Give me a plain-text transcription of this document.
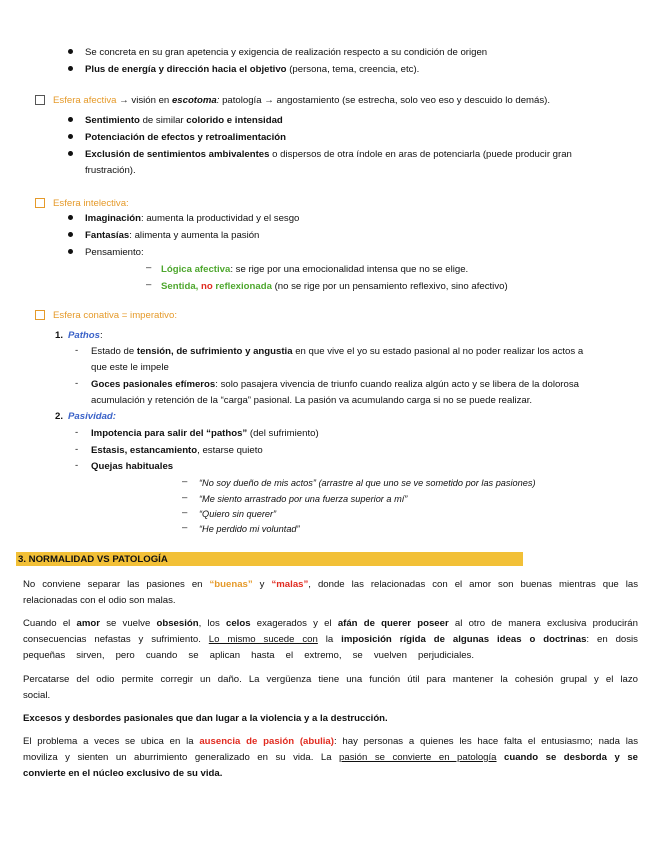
Se concreta en su gran apetencia y exigencia de realización respecto a su condición de origen
Plus de energía y dirección hacia el objetivo (persona, tema, creencia, etc).
Esfera afectiva → visión en escotoma: patología → angostamiento (se estrecha, solo veo eso y descuido lo demás).
Sentimiento de similar colorido e intensidad
Potenciación de efectos y retroalimentación
Exclusión de sentimientos ambivalentes o dispersos de otra índole en aras de potenciarla (puede producir gran
frustración).
Esfera intelectiva:
Imaginación: aumenta la productividad y el sesgo
Fantasías: alimenta y aumenta la pasión
Pensamiento:
– Lógica afectiva: se rige por una emocionalidad intensa que no se elige.
– Sentida, no reflexionada (no se rige por un pensamiento reflexivo, sino afectivo)
Esfera conativa = imperativo:
1. Pathos:
- Estado de tensión, de sufrimiento y angustia en que vive el yo su estado pasional al no poder realizar los actos a
que este le impele
- Goces pasionales efímeros: solo pasajera vivencia de triunfo cuando realiza algún acto y se libera de la dolorosa
acumulación y retención de la “carga” pasional. La pasión va acumulando carga si no se puede realizar.
2. Pasividad:
- Impotencia para salir del “pathos” (del sufrimiento)
- Estasis, estancamiento, estarse quieto
- Quejas habituales
– “No soy dueño de mis actos” (arrastre al que uno se ve sometido por las pasiones)
– “Me siento arrastrado por una fuerza superior a mí”
– “Quiero sin querer”
– “He perdido mi voluntad”
3. NORMALIDAD VS PATOLOGÍA
No conviene separar las pasiones en “buenas” y “malas”, donde las relacionadas con el amor son buenas mientras que las
relacionadas con el odio son malas.
Cuando el amor se vuelve obsesión, los celos exagerados y el afán de querer poseer al otro de manera exclusiva producirán
consecuencias nefastas y sufrimiento. Lo mismo sucede con la imposición rígida de algunas ideas o doctrinas: en dosis
pequeñas sirven, pero cuando se aplican hasta el extremo, se vuelven perjudiciales.
Percatarse del odio permite corregir un daño. La vergüenza tiene una función útil para mantener la cohesión grupal y el lazo
social.
Excesos y desbordes pasionales que dan lugar a la violencia y a la destrucción.
El problema a veces se ubica en la ausencia de pasión (abulia): hay personas a quienes les hace falta el entusiasmo; nada las
moviliza y sienten un aburrimiento generalizado en su vida. La pasión se convierte en patología cuando se desborda y se
convierte en el núcleo exclusivo de su vida.
